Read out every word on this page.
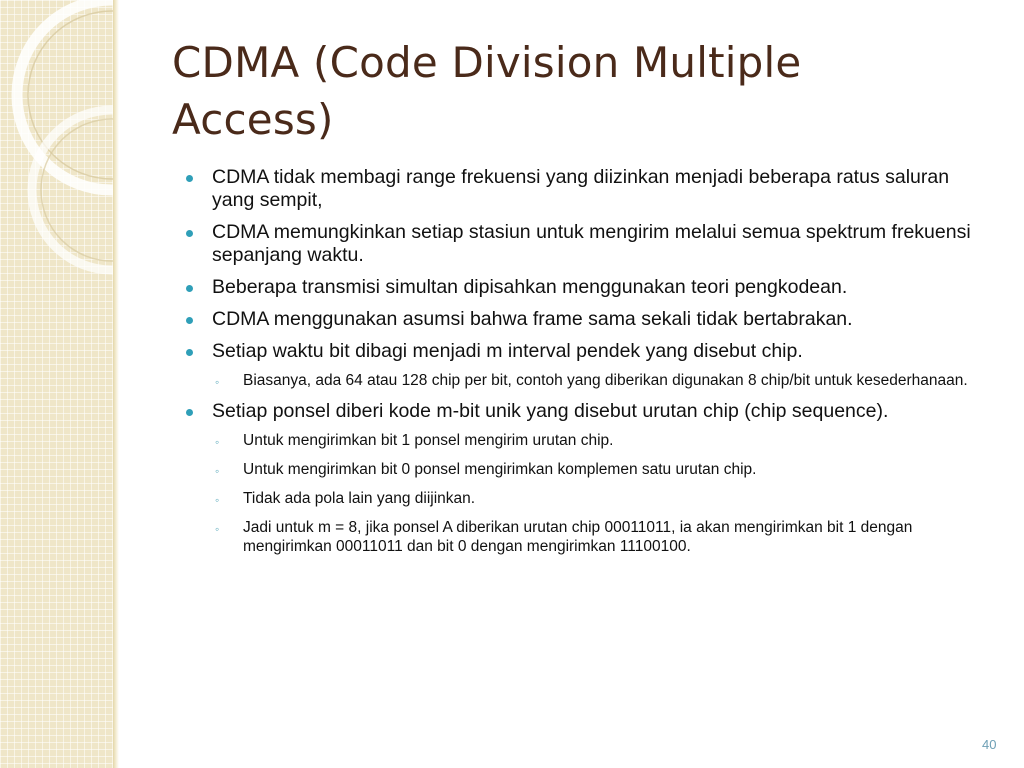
CDMA (Code Division Multiple Access)
CDMA tidak membagi range frekuensi yang diizinkan menjadi beberapa ratus saluran yang sempit,
CDMA memungkinkan setiap stasiun untuk mengirim melalui semua spektrum frekuensi sepanjang waktu.
Beberapa transmisi simultan dipisahkan menggunakan teori pengkodean.
CDMA menggunakan asumsi bahwa frame sama sekali tidak bertabrakan.
Setiap waktu bit dibagi menjadi m interval pendek yang disebut chip.
◦ Biasanya, ada 64 atau 128 chip per bit, contoh yang diberikan digunakan 8 chip/bit untuk kesederhanaan.
Setiap ponsel diberi kode m-bit unik yang disebut urutan chip (chip sequence).
◦ Untuk mengirimkan bit 1 ponsel mengirim urutan chip.
◦ Untuk mengirimkan bit 0 ponsel mengirimkan komplemen satu urutan chip.
◦ Tidak ada pola lain yang diijinkan.
◦ Jadi untuk m = 8, jika ponsel A diberikan urutan chip 00011011, ia akan mengirimkan bit 1 dengan mengirimkan 00011011 dan bit 0 dengan mengirimkan 11100100.
40
